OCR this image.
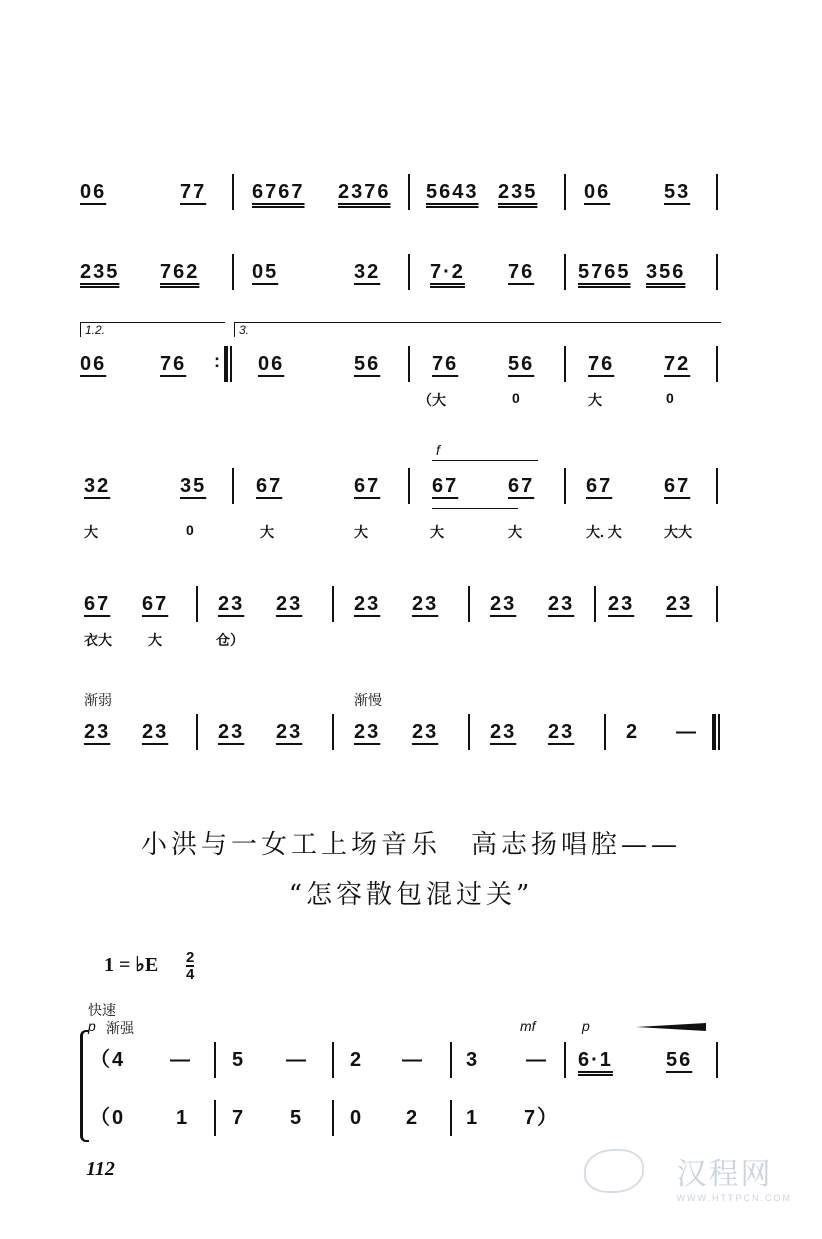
06	77 6767 2376 5643 235 06	53
235 762	05	32 7·2 76 5765 356
1.2.	3.
06	76
:	06	56	76 56	76 72
（大	0	大	0
f
32	35 67	67	67 67	67	67
大	0	大	大	大	大	大. 大	大大
67 67 23 23	23 23	23 23 23 23
衣大	大	仓）
渐弱	渐慢
23 23 23 23	23 23	23 23	2 —
小洪与一女工上场音乐　高志扬唱腔——
“怎容散包混过关”
1 = ♭E $\frac{2}{4}$
快速
p 渐强	mf	p
（4 — 5 — 2 — 3 — 6·1	56
（0	1 7 5 0 2 1 7）
112	汉程网
WWW.HTTPCN.COM
